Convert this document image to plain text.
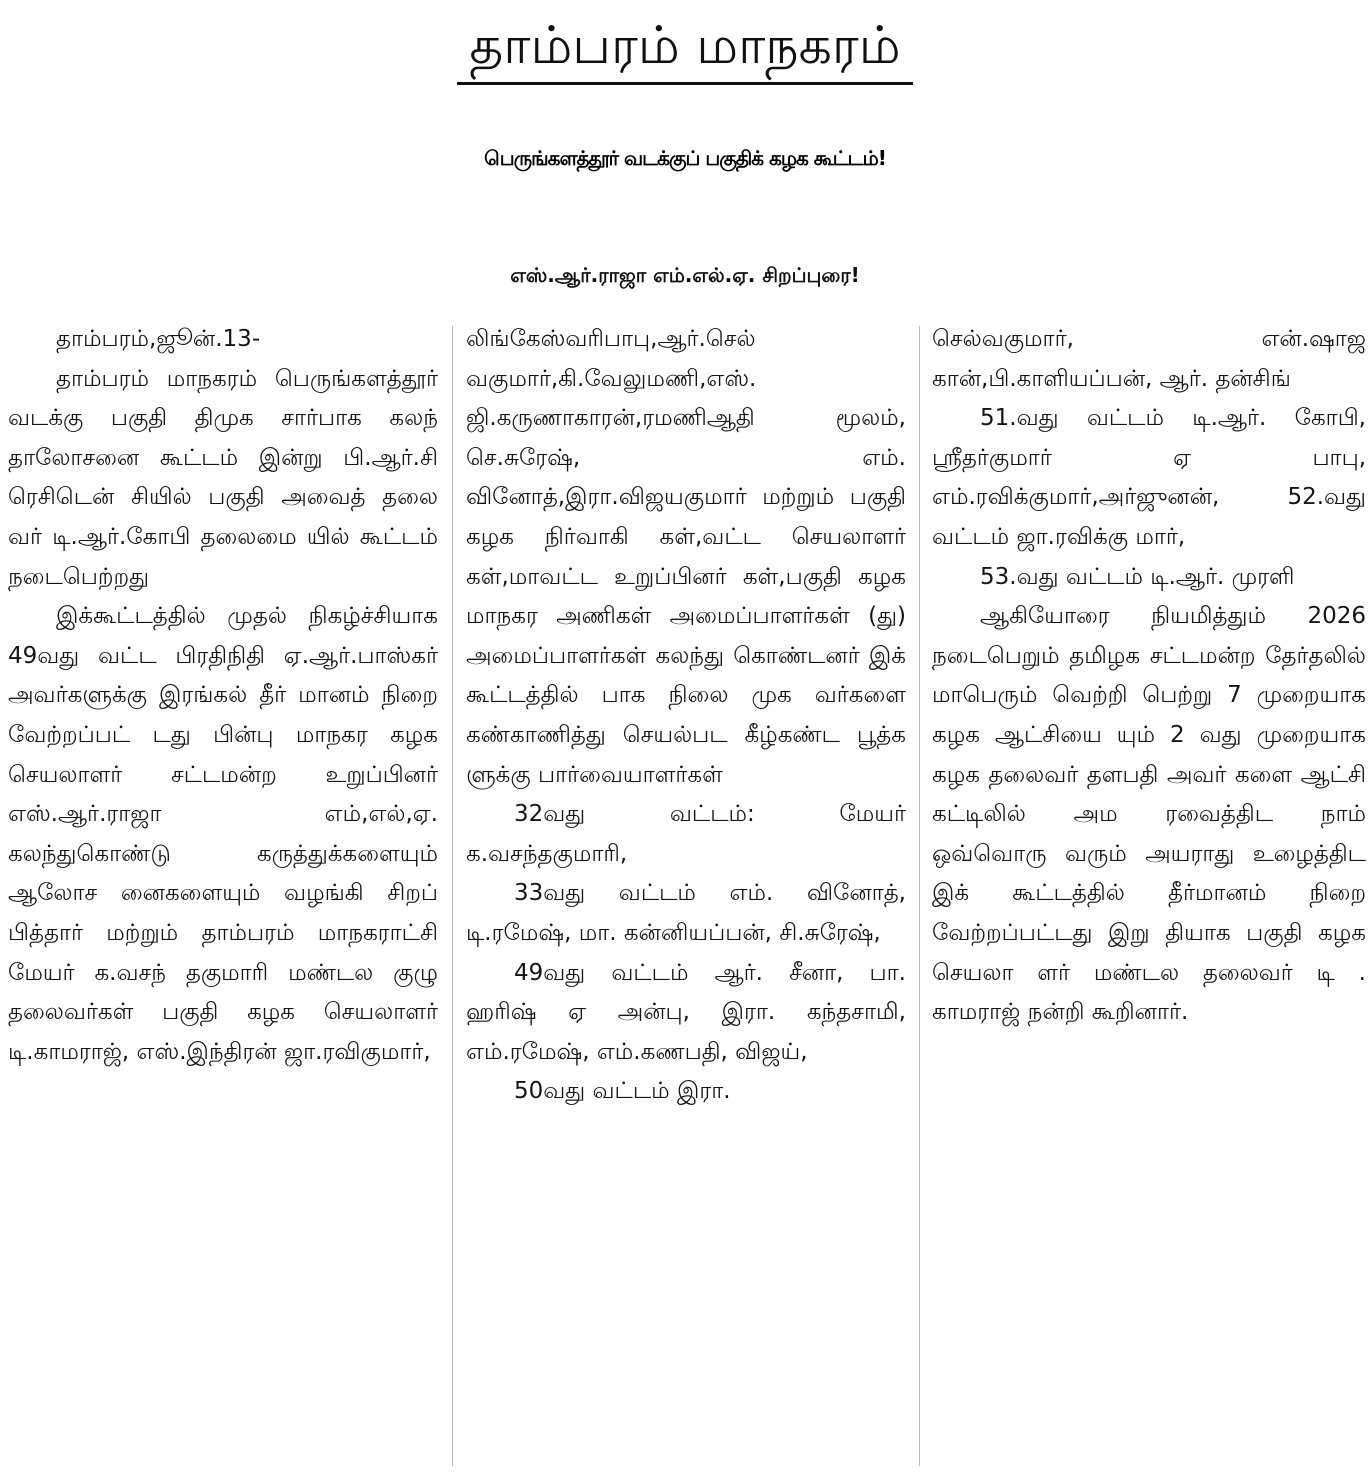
தாம்பரம் மாநகரம்
பெருங்களத்தூர் வடக்குப் பகுதிக் கழக கூட்டம்!
எஸ்.ஆர்.ராஜா எம்.எல்.ஏ. சிறப்புரை!

தாம்பரம்,ஜூன்.13-

தாம்பரம் மாநகரம் பெருங்களத்தூர் வடக்கு பகுதி திமுக சார்பாக கலந் தாலோசனை கூட்டம் இன்று பி.ஆர்.சி ரெசிடென் சியில் பகுதி அவைத் தலை வர் டி.ஆர்.கோபி தலைமை யில் கூட்டம் நடைபெற்றது

இக்கூட்டத்தில் முதல் நிகழ்ச்சியாக 49வது வட்ட பிரதிநிதி ஏ.ஆர்.பாஸ்கர் அவர்களுக்கு இரங்கல் தீர் மானம் நிறை வேற்றப்பட் டது பின்பு மாநகர கழக செயலாளர் சட்டமன்ற உறுப்பினர் எஸ்.ஆர்.ராஜா எம்,எல்,ஏ. கலந்துகொண்டு கருத்துக்களையும் ஆலோச னைகளையும் வழங்கி சிறப் பித்தார் மற்றும் தாம்பரம் மாநகராட்சி மேயர் க.வசந் தகுமாரி மண்டல குழு தலைவர்கள் பகுதி கழக செயலாளர் டி.காமராஜ், எஸ்.இந்திரன் ஜா.ரவிகுமார்,

லிங்கேஸ்வரிபாபு,ஆர்.செல் வகுமார்,கி.வேலுமணி,எஸ். ஜி.கருணாகாரன்,ரமணிஆதி மூலம், செ.சுரேஷ், எம். வினோத்,இரா.விஜயகுமார் மற்றும் பகுதி கழக நிர்வாகி கள்,வட்ட செயலாளர் கள்,மாவட்ட உறுப்பினர் கள்,பகுதி கழக மாநகர அணிகள் அமைப்பாளர்கள் (து) அமைப்பாளர்கள் கலந்து கொண்டனர் இக் கூட்டத்தில் பாக நிலை முக வர்களை கண்காணித்து செயல்பட கீழ்கண்ட பூத்க ளுக்கு பார்வையாளர்கள்

32வது வட்டம்: மேயர் க.வசந்தகுமாரி,

33வது வட்டம் எம். வினோத், டி.ரமேஷ், மா. கன்னியப்பன், சி.சுரேஷ்,

49வது வட்டம் ஆர். சீனா, பா. ஹரிஷ் ஏ அன்பு, இரா. கந்தசாமி, எம்.ரமேஷ், எம்.கணபதி, விஜய்,

50வது வட்டம் இரா.

செல்வகுமார், என்.ஷாஜ கான்,பி.காளியப்பன், ஆர். தன்சிங்

51.வது வட்டம் டி.ஆர். கோபி, ஸ்ரீதர்குமார் ஏ பாபு, எம்.ரவிக்குமார்,அர்ஜுனன், 52.வது வட்டம் ஜா.ரவிக்கு மார்,

53.வது வட்டம் டி.ஆர். முரளி

ஆகியோரை நியமித்தும் 2026 நடைபெறும் தமிழக சட்டமன்ற தேர்தலில் மாபெரும் வெற்றி பெற்று 7 முறையாக கழக ஆட்சியை யும் 2 வது முறையாக கழக தலைவர் தளபதி அவர் களை ஆட்சி கட்டிலில் அம ரவைத்திட நாம் ஒவ்வொரு வரும் அயராது உழைத்திட இக் கூட்டத்தில் தீர்மானம் நிறை வேற்றப்பட்டது இறு தியாக பகுதி கழக செயலா ளர் மண்டல தலைவர் டி . காமராஜ் நன்றி கூறினார்.
